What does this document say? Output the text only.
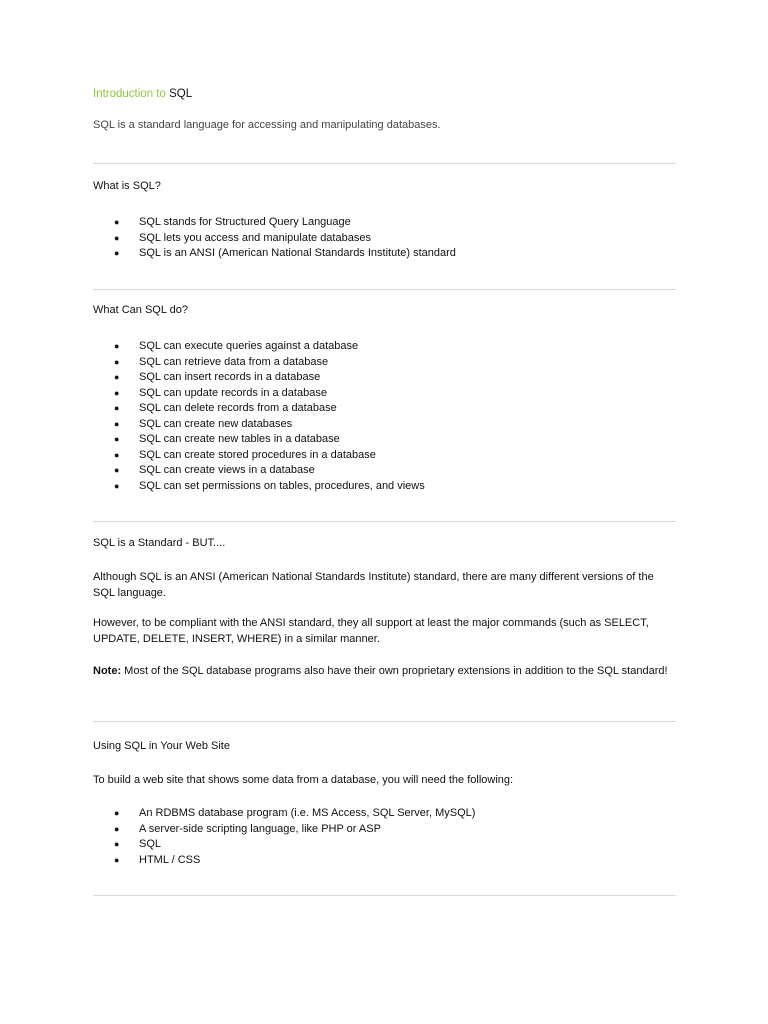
Introduction to SQL
SQL is a standard language for accessing and manipulating databases.
What is SQL?
● SQL stands for Structured Query Language
● SQL lets you access and manipulate databases
● SQL is an ANSI (American National Standards Institute) standard
What Can SQL do?
● SQL can execute queries against a database
● SQL can retrieve data from a database
● SQL can insert records in a database
● SQL can update records in a database
● SQL can delete records from a database
● SQL can create new databases
● SQL can create new tables in a database
● SQL can create stored procedures in a database
● SQL can create views in a database
● SQL can set permissions on tables, procedures, and views
SQL is a Standard - BUT....
Although SQL is an ANSI (American National Standards Institute) standard, there are many different versions of the SQL language.
However, to be compliant with the ANSI standard, they all support at least the major commands (such as SELECT, UPDATE, DELETE, INSERT, WHERE) in a similar manner.
Note: Most of the SQL database programs also have their own proprietary extensions in addition to the SQL standard!
Using SQL in Your Web Site
To build a web site that shows some data from a database, you will need the following:
● An RDBMS database program (i.e. MS Access, SQL Server, MySQL)
● A server-side scripting language, like PHP or ASP
● SQL
● HTML / CSS
